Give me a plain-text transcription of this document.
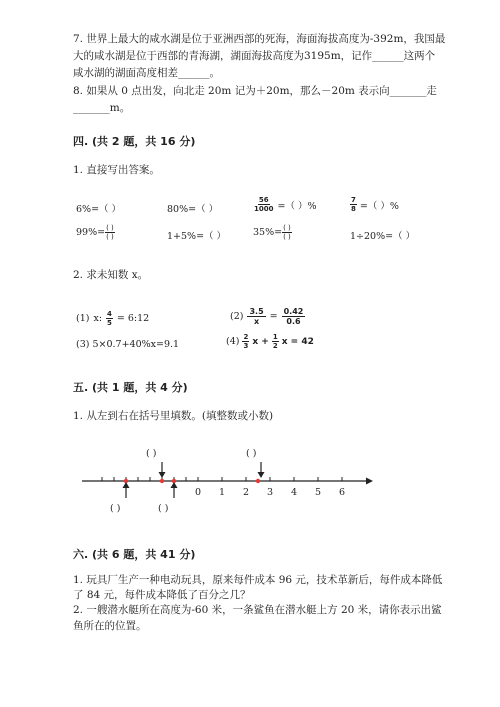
7. 世界上最大的咸水湖是位于亚洲西部的死海，海面海拔高度为-392m，我国最
大的咸水湖是位于西部的青海湖，湖面海拔高度为3195m，记作______这两个
咸水湖的湖面高度相差______。
8. 如果从 0 点出发，向北走 20m 记为＋20m，那么－20m 表示向_______走
_______m。
四. (共 2 题，共 16 分)
1. 直接写出答案。
6%=（ ）	80%=（ ）	$\frac{56}{1000}$ =（ ）%	$\frac{7}{8}$ =（ ）%
$99\%= \frac{( )}{( )}$	1+5%=（ ）	$35\%= \frac{( )}{( )}$	1÷20%=（ ）
2. 求未知数 x。
(1) x: $\frac{4}{5}$ = 6:12	$(2) \frac{3.5}{x} = \frac{0.42}{0.6}$
(3) 5×0.7+40%x=9.1	$(4) \frac{2}{3}$ $x + \frac{1}{2}$ x = 42
五. (共 1 题，共 4 分)
1. 从左到右在括号里填数。(填整数或小数)
( )	( )
( )	( )
0 1 2 3 4 5 6
六. (共 6 题，共 41 分)
1. 玩具厂生产一种电动玩具，原来每件成本 96 元，技术革新后，每件成本降低
了 84 元，每件成本降低了百分之几？
2. 一艘潜水艇所在高度为-60 米，一条鲨鱼在潜水艇上方 20 米，请你表示出鲨
鱼所在的位置。
